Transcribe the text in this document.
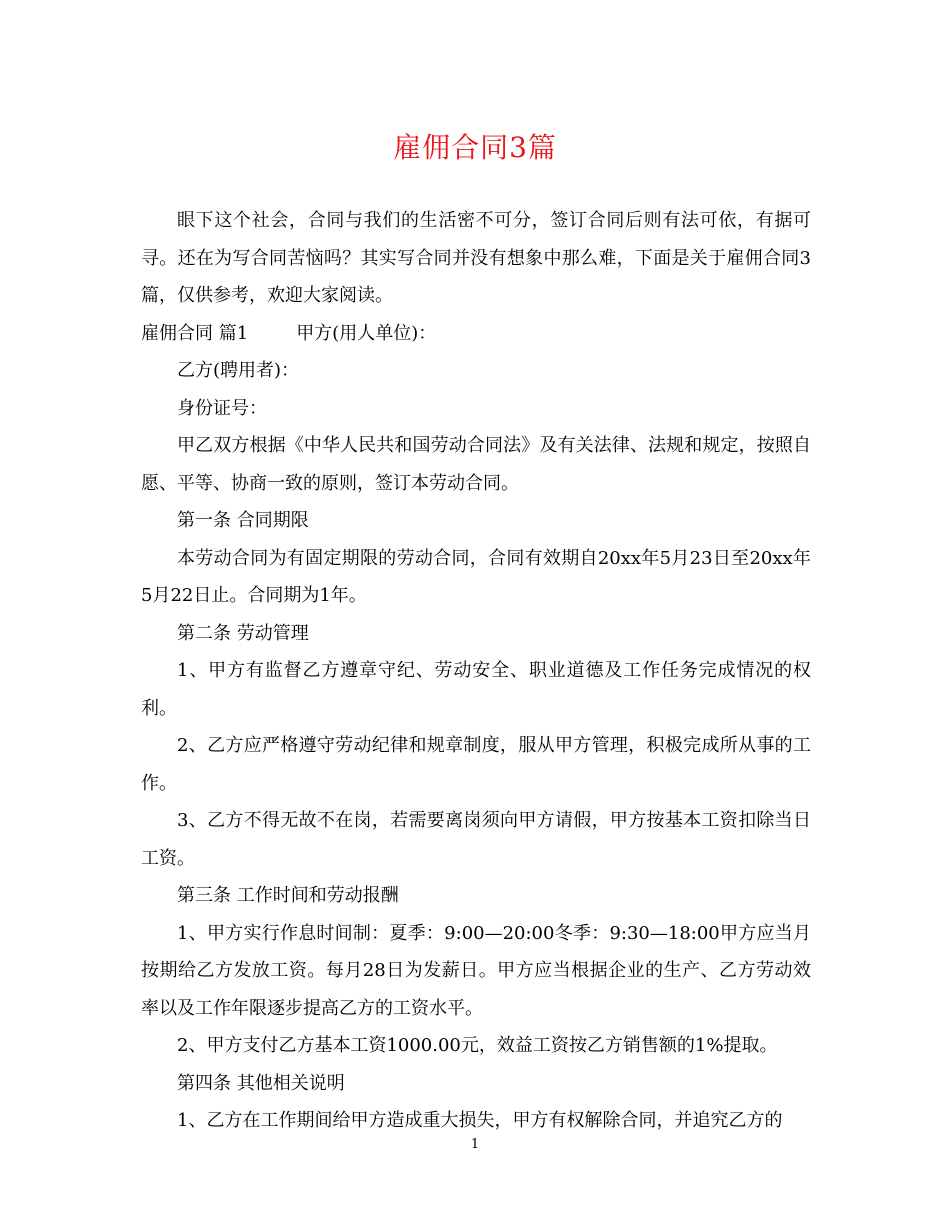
雇佣合同3篇

眼下这个社会，合同与我们的生活密不可分，签订合同后则有法可依，有据可寻。还在为写合同苦恼吗？其实写合同并没有想象中那么难，下面是关于雇佣合同3篇，仅供参考，欢迎大家阅读。

雇佣合同 篇1	甲方(用人单位)：

乙方(聘用者)：

身份证号：

甲乙双方根据《中华人民共和国劳动合同法》及有关法律、法规和规定，按照自愿、平等、协商一致的原则，签订本劳动合同。

第一条 合同期限

本劳动合同为有固定期限的劳动合同，合同有效期自20xx年5月23日至20xx年5月22日止。合同期为1年。

第二条 劳动管理

1、甲方有监督乙方遵章守纪、劳动安全、职业道德及工作任务完成情况的权利。

2、乙方应严格遵守劳动纪律和规章制度，服从甲方管理，积极完成所从事的工作。

3、乙方不得无故不在岗，若需要离岗须向甲方请假，甲方按基本工资扣除当日工资。

第三条 工作时间和劳动报酬

1、甲方实行作息时间制：夏季：9:00—20:00冬季：9:30—18:00甲方应当月按期给乙方发放工资。每月28日为发薪日。甲方应当根据企业的生产、乙方劳动效率以及工作年限逐步提高乙方的工资水平。

2、甲方支付乙方基本工资1000.00元，效益工资按乙方销售额的1%提取。

第四条 其他相关说明

1、乙方在工作期间给甲方造成重大损失，甲方有权解除合同，并追究乙方的

1
